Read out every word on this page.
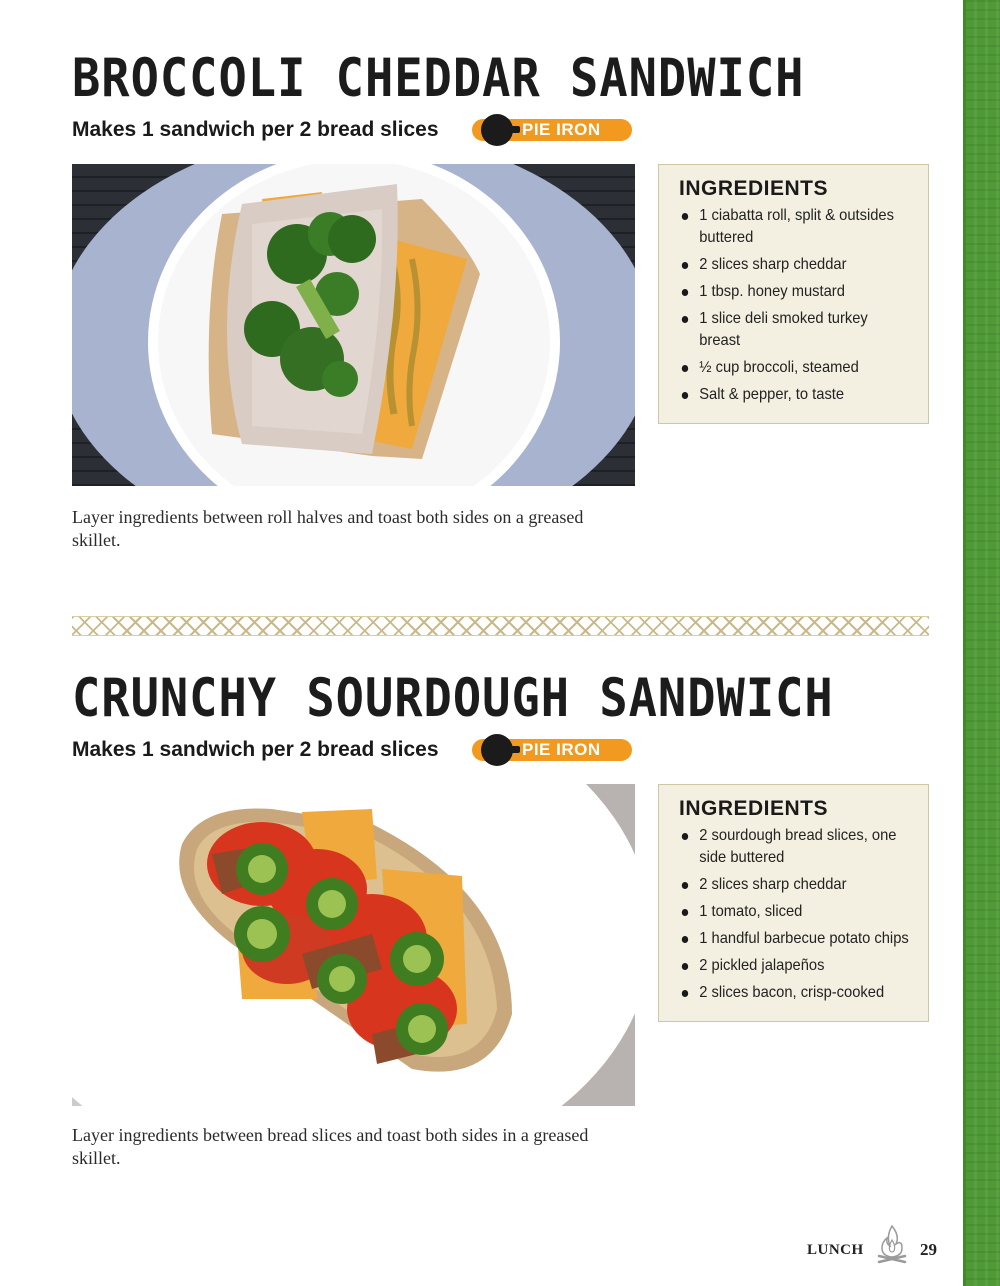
BROCCOLI CHEDDAR SANDWICH
Makes 1 sandwich per 2 bread slices	PIE IRON
INGREDIENTS
1 ciabatta roll, split & outsides buttered
2 slices sharp cheddar
1 tbsp. honey mustard
1 slice deli smoked turkey breast
½ cup broccoli, steamed
Salt & pepper, to taste

Layer ingredients between roll halves and toast both sides on a greased skillet.

CRUNCHY SOURDOUGH SANDWICH
Makes 1 sandwich per 2 bread slices	PIE IRON
INGREDIENTS
2 sourdough bread slices, one side buttered
2 slices sharp cheddar
1 tomato, sliced
1 handful barbecue potato chips
2 pickled jalapeños
2 slices bacon, crisp-cooked

Layer ingredients between bread slices and toast both sides in a greased skillet.

LUNCH	29
